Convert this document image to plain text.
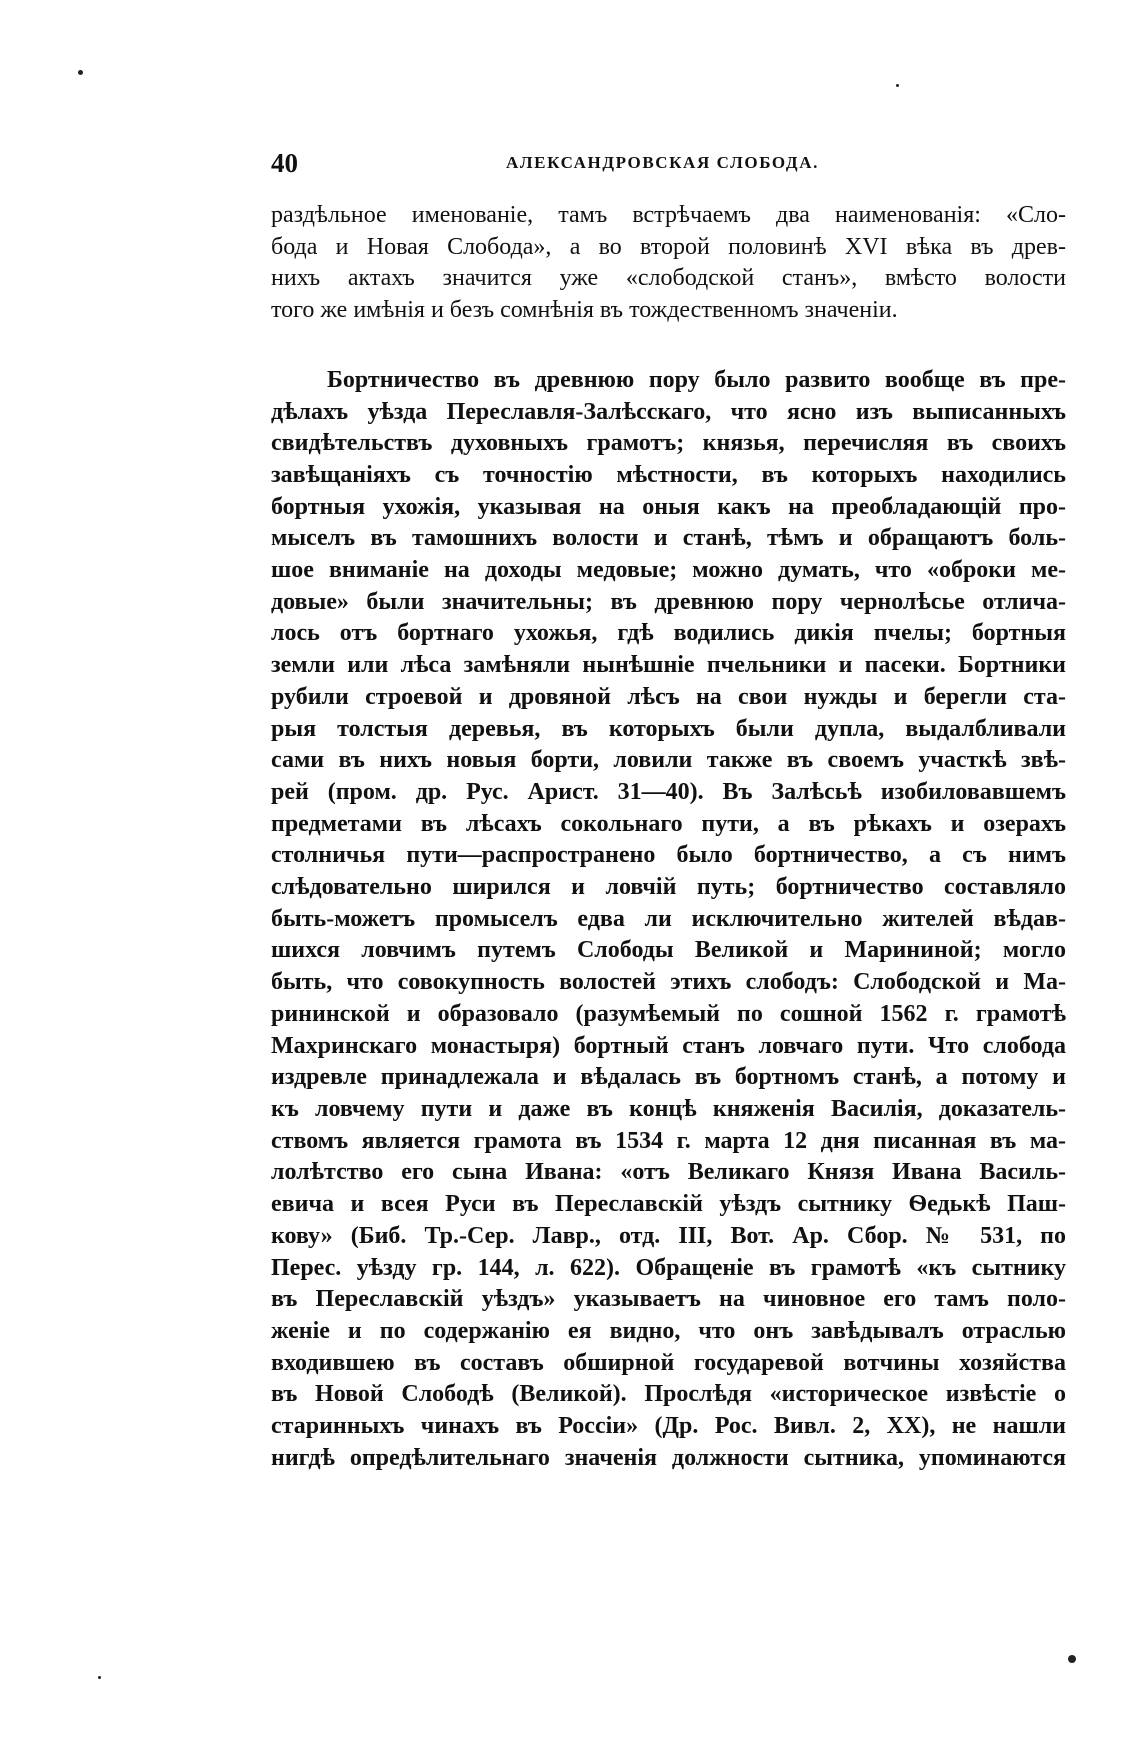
40	АЛЕКСАНДРОВСКАЯ СЛОБОДА.
раздѣльное именованіе, тамъ встрѣчаемъ два наименованія: «Сло-
бода и Новая Слобода», а во второй половинѣ XVI вѣка въ древ-
нихъ актахъ значится уже «слободской станъ», вмѣсто волости
того же имѣнія и безъ сомнѣнія въ тождественномъ значеніи.
Бортничество въ древнюю пору было развито вообще въ пре-
дѣлахъ уѣзда Переславля-Залѣсскаго, что ясно изъ выписанныхъ
свидѣтельствъ духовныхъ грамотъ; князья, перечисляя въ своихъ
завѣщаніяхъ съ точностію мѣстности, въ которыхъ находились
бортныя ухожія, указывая на оныя какъ на преобладающій про-
мыселъ въ тамошнихъ волости и станѣ, тѣмъ и обращаютъ боль-
шое вниманіе на доходы медовые; можно думать, что «оброки ме-
довые» были значительны; въ древнюю пору чернолѣсье отлича-
лось отъ бортнаго ухожья, гдѣ водились дикія пчелы; бортныя
земли или лѣса замѣняли нынѣшніе пчельники и пасеки. Бортники
рубили строевой и дровяной лѣсъ на свои нужды и берегли ста-
рыя толстыя деревья, въ которыхъ были дупла, выдалбливали
сами въ нихъ новыя борти, ловили также въ своемъ участкѣ звѣ-
рей (пром. др. Рус. Арист. 31—40). Въ Залѣсьѣ изобиловавшемъ
предметами въ лѣсахъ сокольнаго пути, а въ рѣкахъ и озерахъ
столничья пути—распространено было бортничество, а съ нимъ
слѣдовательно ширился и ловчій путь; бортничество составляло
быть-можетъ промыселъ едва ли исключительно жителей вѣдав-
шихся ловчимъ путемъ Слободы Великой и Марининой; могло
быть, что совокупность волостей этихъ слободъ: Слободской и Ма-
рининской и образовало (разумѣемый по сошной 1562 г. грамотѣ
Махринскаго монастыря) бортный станъ ловчаго пути. Что слобода
издревле принадлежала и вѣдалась въ бортномъ станѣ, а потому и
къ ловчему пути и даже въ концѣ княженія Василія, доказатель-
ствомъ является грамота въ 1534 г. марта 12 дня писанная въ ма-
лолѣтство его сына Ивана: «отъ Великаго Князя Ивана Василь-
евича и всея Руси въ Переславскій уѣздъ сытнику Ѳедькѣ Паш-
кову» (Биб. Тр.-Сер. Лавр., отд. III, Вот. Ар. Сбор. № 531, по
Перес. уѣзду гр. 144, л. 622). Обращеніе въ грамотѣ «къ сытнику
въ Переславскій уѣздъ» указываетъ на чиновное его тамъ поло-
женіе и по содержанію ея видно, что онъ завѣдывалъ отраслью
входившею въ составъ обширной государевой вотчины хозяйства
въ Новой Слободѣ (Великой). Прослѣдя «историческое извѣстіе о
старинныхъ чинахъ въ Россіи» (Др. Рос. Вивл. 2, XX), не нашли
нигдѣ опредѣлительнаго значенія должности сытника, упоминаются
